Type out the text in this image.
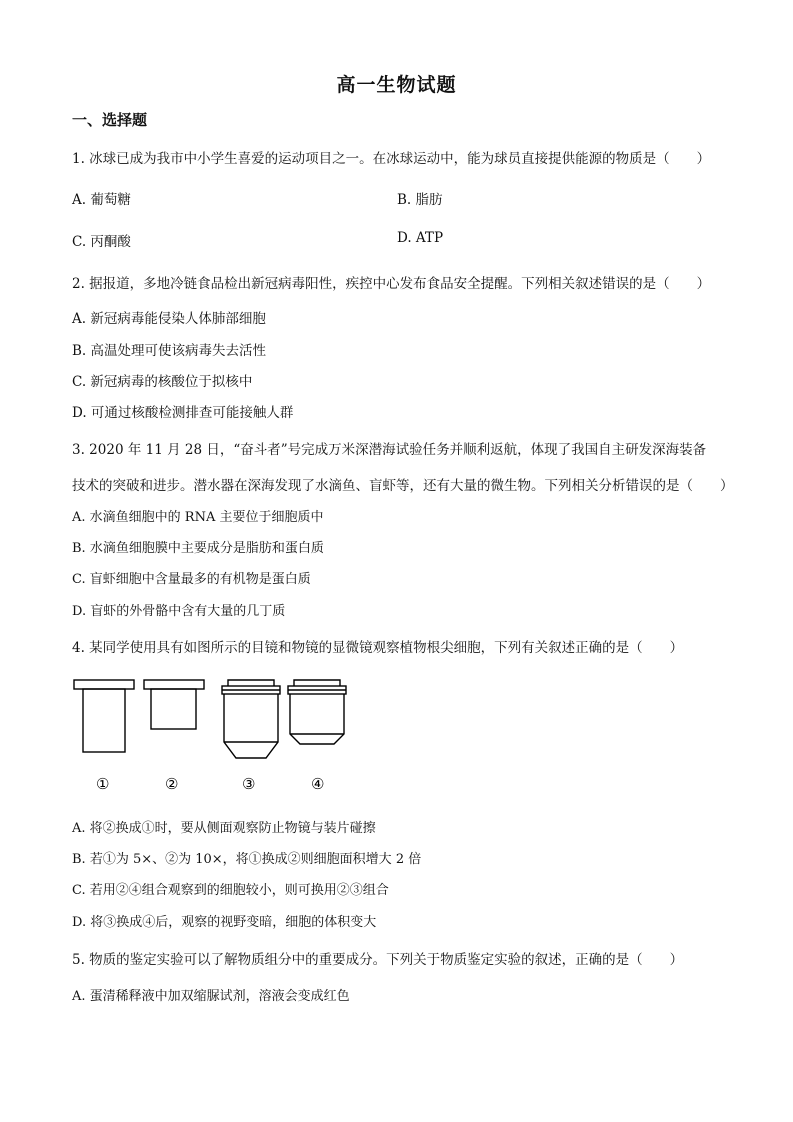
高一生物试题
一、选择题
1. 冰球已成为我市中小学生喜爱的运动项目之一。在冰球运动中，能为球员直接提供能源的物质是（　　）
A. 葡萄糖	B. 脂肪
C. 丙酮酸	D. ATP
2. 据报道，多地冷链食品检出新冠病毒阳性，疾控中心发布食品安全提醒。下列相关叙述错误的是（　　）
A. 新冠病毒能侵染人体肺部细胞
B. 高温处理可使该病毒失去活性
C. 新冠病毒的核酸位于拟核中
D. 可通过核酸检测排查可能接触人群
3. 2020 年 11 月 28 日，“奋斗者”号完成万米深潜海试验任务并顺利返航，体现了我国自主研发深海装备
技术的突破和进步。潜水器在深海发现了水滴鱼、盲虾等，还有大量的微生物。下列相关分析错误的是（　　）
A. 水滴鱼细胞中的 RNA 主要位于细胞质中
B. 水滴鱼细胞膜中主要成分是脂肪和蛋白质
C. 盲虾细胞中含量最多的有机物是蛋白质
D. 盲虾的外骨骼中含有大量的几丁质
4. 某同学使用具有如图所示的目镜和物镜的显微镜观察植物根尖细胞，下列有关叙述正确的是（　　）
①	②	③	④
A. 将②换成①时，要从侧面观察防止物镜与装片碰擦
B. 若①为 5×、②为 10×，将①换成②则细胞面积增大 2 倍
C. 若用②④组合观察到的细胞较小，则可换用②③组合
D. 将③换成④后，观察的视野变暗，细胞的体积变大
5. 物质的鉴定实验可以了解物质组分中的重要成分。下列关于物质鉴定实验的叙述，正确的是（　　）
A. 蛋清稀释液中加双缩脲试剂，溶液会变成红色
